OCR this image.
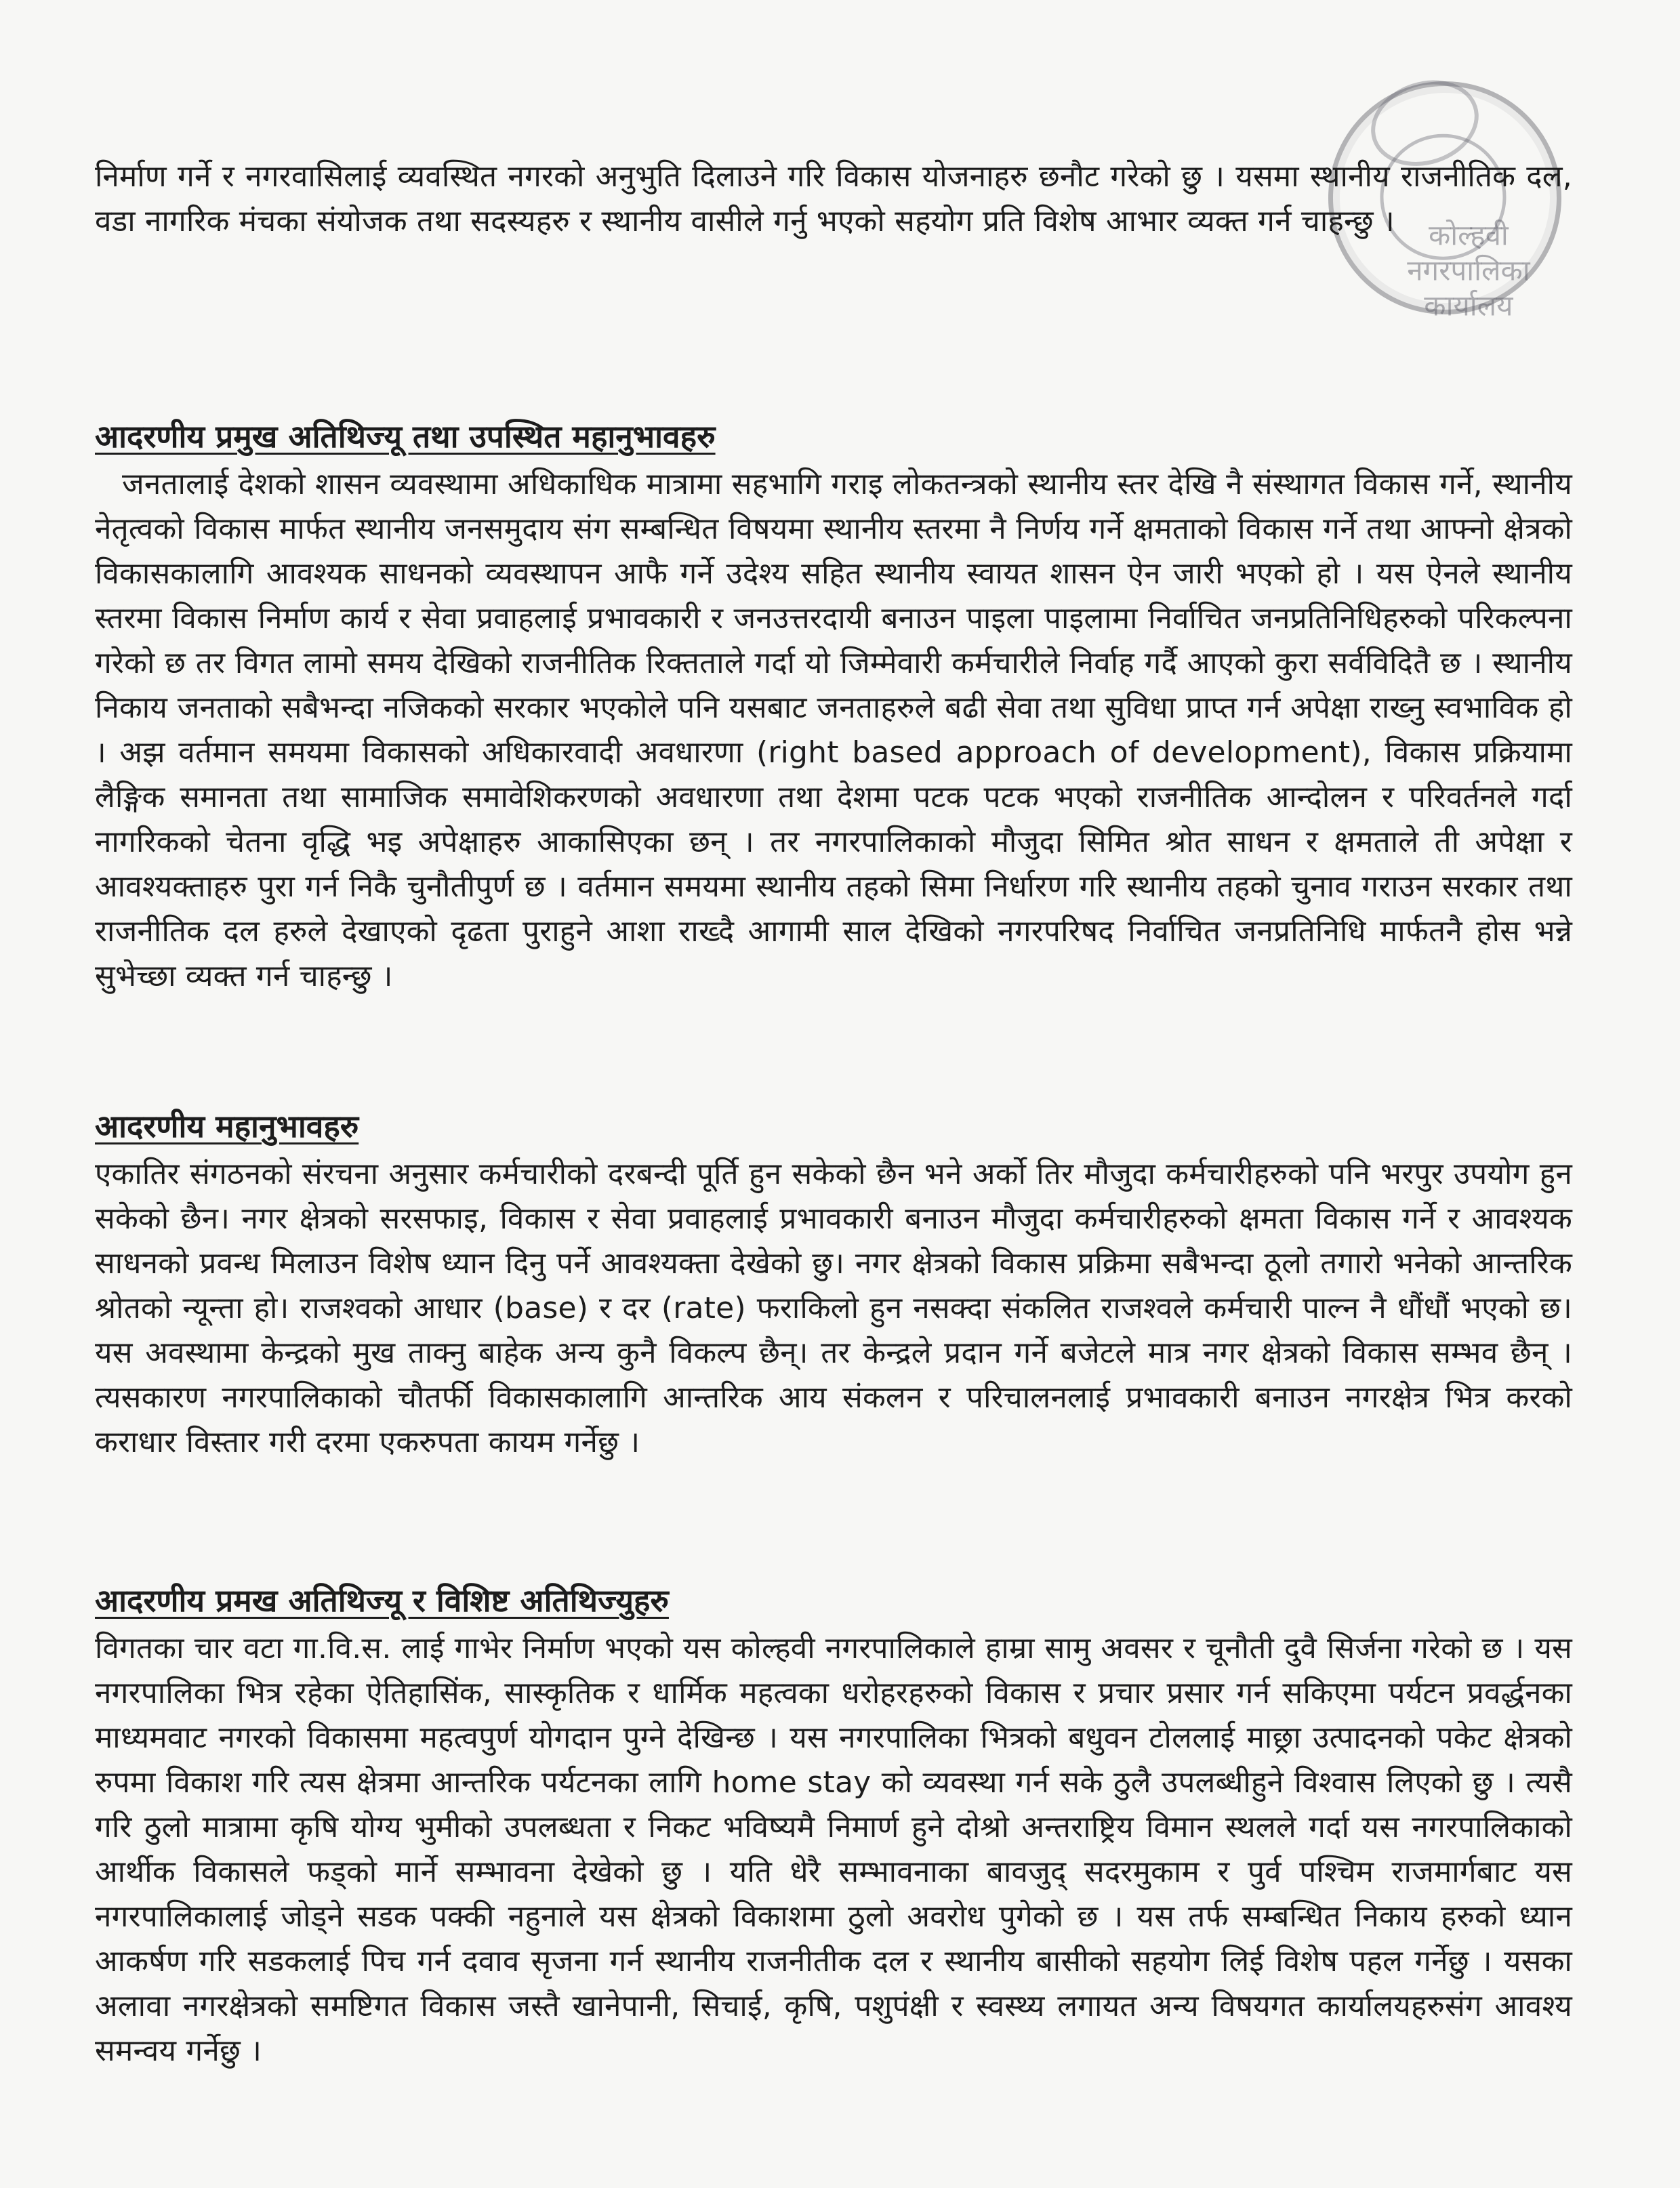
कोल्हवी नगरपालिका कार्यालय

निर्माण गर्ने र नगरवासिलाई व्यवस्थित नगरको अनुभुति दिलाउने गरि विकास योजनाहरु छनौट गरेको छु । यसमा स्थानीय राजनीतिक दल, वडा नागरिक मंचका संयोजक तथा सदस्यहरु र स्थानीय वासीले गर्नु भएको सहयोग प्रति विशेष आभार व्यक्त गर्न चाहन्छु ।

आदरणीय प्रमुख अतिथिज्यू तथा उपस्थित महानुभावहरु

जनतालाई देशको शासन व्यवस्थामा अधिकाधिक मात्रामा सहभागि गराइ लोकतन्त्रको स्थानीय स्तर देखि नै संस्थागत विकास गर्ने, स्थानीय नेतृत्वको विकास मार्फत स्थानीय जनसमुदाय संग सम्बन्धित विषयमा स्थानीय स्तरमा नै निर्णय गर्ने क्षमताको विकास गर्ने तथा आफ्नो क्षेत्रको विकासकालागि आवश्यक साधनको व्यवस्थापन आफै गर्ने उदेश्य सहित स्थानीय स्वायत शासन ऐन जारी भएको हो । यस ऐनले स्थानीय स्तरमा विकास निर्माण कार्य र सेवा प्रवाहलाई प्रभावकारी र जनउत्तरदायी बनाउन पाइला पाइलामा निर्वाचित जनप्रतिनिधिहरुको परिकल्पना गरेको छ तर विगत लामो समय देखिको राजनीतिक रिक्तताले गर्दा यो जिम्मेवारी कर्मचारीले निर्वाह गर्दै आएको कुरा सर्वविदितै छ । स्थानीय निकाय जनताको सबैभन्दा नजिकको सरकार भएकोले पनि यसबाट जनताहरुले बढी सेवा तथा सुविधा प्राप्त गर्न अपेक्षा राख्नु स्वभाविक हो । अझ वर्तमान समयमा विकासको अधिकारवादी अवधारणा (right based approach of development), विकास प्रक्रियामा लैङ्गिक समानता तथा सामाजिक समावेशिकरणको अवधारणा तथा देशमा पटक पटक भएको राजनीतिक आन्दोलन र परिवर्तनले गर्दा नागरिकको चेतना वृद्धि भइ अपेक्षाहरु आकासिएका छन् । तर नगरपालिकाको मौजुदा सिमित श्रोत साधन र क्षमताले ती अपेक्षा र आवश्यक्ताहरु पुरा गर्न निकै चुनौतीपुर्ण छ । वर्तमान समयमा स्थानीय तहको सिमा निर्धारण गरि स्थानीय तहको चुनाव गराउन सरकार तथा राजनीतिक दल हरुले देखाएको दृढता पुराहुने आशा राख्दै आगामी साल देखिको नगरपरिषद निर्वाचित जनप्रतिनिधि मार्फतनै होस भन्ने सुभेच्छा व्यक्त गर्न चाहन्छु ।

आदरणीय महानुभावहरु

एकातिर संगठनको संरचना अनुसार कर्मचारीको दरबन्दी पूर्ति हुन सकेको छैन भने अर्को तिर मौजुदा कर्मचारीहरुको पनि भरपुर उपयोग हुन सकेको छैन। नगर क्षेत्रको सरसफाइ, विकास र सेवा प्रवाहलाई प्रभावकारी बनाउन मौजुदा कर्मचारीहरुको क्षमता विकास गर्ने र आवश्यक साधनको प्रवन्ध मिलाउन विशेष ध्यान दिनु पर्ने आवश्यक्ता देखेको छु। नगर क्षेत्रको विकास प्रक्रिमा सबैभन्दा ठूलो तगारो भनेको आन्तरिक श्रोतको न्यून्ता हो। राजश्वको आधार (base) र दर (rate) फराकिलो हुन नसक्दा संकलित राजश्वले कर्मचारी पाल्न नै धौंधौं भएको छ। यस अवस्थामा केन्द्रको मुख ताक्नु बाहेक अन्य कुनै विकल्प छैन्। तर केन्द्रले प्रदान गर्ने बजेटले मात्र नगर क्षेत्रको विकास सम्भव छैन् । त्यसकारण नगरपालिकाको चौतर्फी विकासकालागि आन्तरिक आय संकलन र परिचालनलाई प्रभावकारी बनाउन नगरक्षेत्र भित्र करको कराधार विस्तार गरी दरमा एकरुपता कायम गर्नेछु ।

आदरणीय प्रमख अतिथिज्यू र विशिष्ट अतिथिज्युहरु

विगतका चार वटा गा.वि.स. लाई गाभेर निर्माण भएको यस कोल्हवी नगरपालिकाले हाम्रा सामु अवसर र चूनौती दुवै सिर्जना गरेको छ । यस नगरपालिका भित्र रहेका ऐतिहासिंक, सास्कृतिक र धार्मिक महत्वका धरोहरहरुको विकास र प्रचार प्रसार गर्न सकिएमा पर्यटन प्रवर्द्धनका माध्यमवाट नगरको विकासमा महत्वपुर्ण योगदान पुग्ने देखिन्छ । यस नगरपालिका भित्रको बधुवन टोललाई माछ्रा उत्पादनको पकेट क्षेत्रको रुपमा विकाश गरि त्यस क्षेत्रमा आन्तरिक पर्यटनका लागि home stay को व्यवस्था गर्न सके ठुलै उपलब्धीहुने विश्वास लिएको छु । त्यसै गरि ठुलो मात्रामा कृषि योग्य भुमीको उपलब्धता र निकट भविष्यमै निमार्ण हुने दोश्रो अन्तराष्ट्रिय विमान स्थलले गर्दा यस नगरपालिकाको आर्थीक विकासले फड्को मार्ने सम्भावना देखेको छु । यति धेरै सम्भावनाका बावजुद् सदरमुकाम र पुर्व पश्चिम राजमार्गबाट यस नगरपालिकालाई जोड्ने सडक पक्की नहुनाले यस क्षेत्रको विकाशमा ठुलो अवरोध पुगेको छ । यस तर्फ सम्बन्धित निकाय हरुको ध्यान आकर्षण गरि सडकलाई पिच गर्न दवाव सृजना गर्न स्थानीय राजनीतीक दल र स्थानीय बासीको सहयोग लिई विशेष पहल गर्नेछु । यसका अलावा नगरक्षेत्रको समष्टिगत विकास जस्तै खानेपानी, सिचाई, कृषि, पशुपंक्षी र स्वस्थ्य लगायत अन्य विषयगत कार्यालयहरुसंग आवश्य समन्वय गर्नेछु ।
